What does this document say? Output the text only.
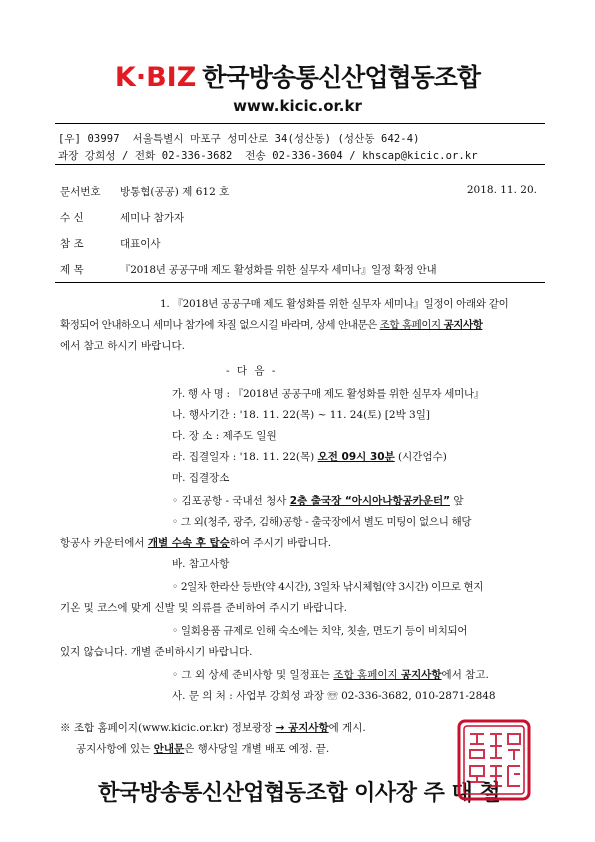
K·BIZ 한국방송통신산업협동조합
www.kicic.or.kr
[우] 03997  서울특별시 마포구 성미산로 34(성산동) (성산동 642-4)
과장 강희성 / 전화 02-336-3682  전송 02-336-3604 / khscap@kicic.or.kr
문서번호 방통협(공공) 제 612 호	2018. 11. 20.
수 신	세미나 참가자
참 조	대표이사
제 목	『2018년 공공구매 제도 활성화를 위한 실무자 세미나』일정 확정 안내
1. 『2018년 공공구매 제도 활성화를 위한 실무자 세미나』일정이 아래와 같이
확정되어 안내하오니 세미나 참가에 차질 없으시길 바라며, 상세 안내문은 조합 홈페이지 공지사항
에서 참고 하시기 바랍니다.
- 다 음 -
가. 행 사 명 : 『2018년 공공구매 제도 활성화를 위한 실무자 세미나』
나. 행사기간 : '18. 11. 22(목) ~ 11. 24(토) [2박 3일]
다. 장 소 : 제주도 일원
라. 집결일자 : '18. 11. 22(목) 오전 09시 30분 (시간엄수)
마. 집결장소
◦ 김포공항 - 국내선 청사 2층 출국장 “아시아나항공카운터” 앞
◦ 그 외(청주, 광주, 김해)공항 - 출국장에서 별도 미팅이 없으니 해당
항공사 카운터에서 개별 수속 후 탑승하여 주시기 바랍니다.
바. 참고사항
◦ 2일차 한라산 등반(약 4시간), 3일차 낚시체험(약 3시간) 이므로 현지
기온 및 코스에 맞게 신발 및 의류를 준비하여 주시기 바랍니다.
◦ 일회용품 규제로 인해 숙소에는 치약, 칫솔, 면도기 등이 비치되어
있지 않습니다. 개별 준비하시기 바랍니다.
◦ 그 외 상세 준비사항 및 일정표는 조합 홈페이지 공지사항에서 참고.
사. 문 의 처 : 사업부 강희성 과장 ☏ 02-336-3682, 010-2871-2848
※ 조합 홈페이지(www.kicic.or.kr) 정보광장 → 공지사항에 게시.
공지사항에 있는 안내문은 행사당일 개별 배포 예정. 끝.
한국방송통신산업협동조합 이사장 주 대 철
